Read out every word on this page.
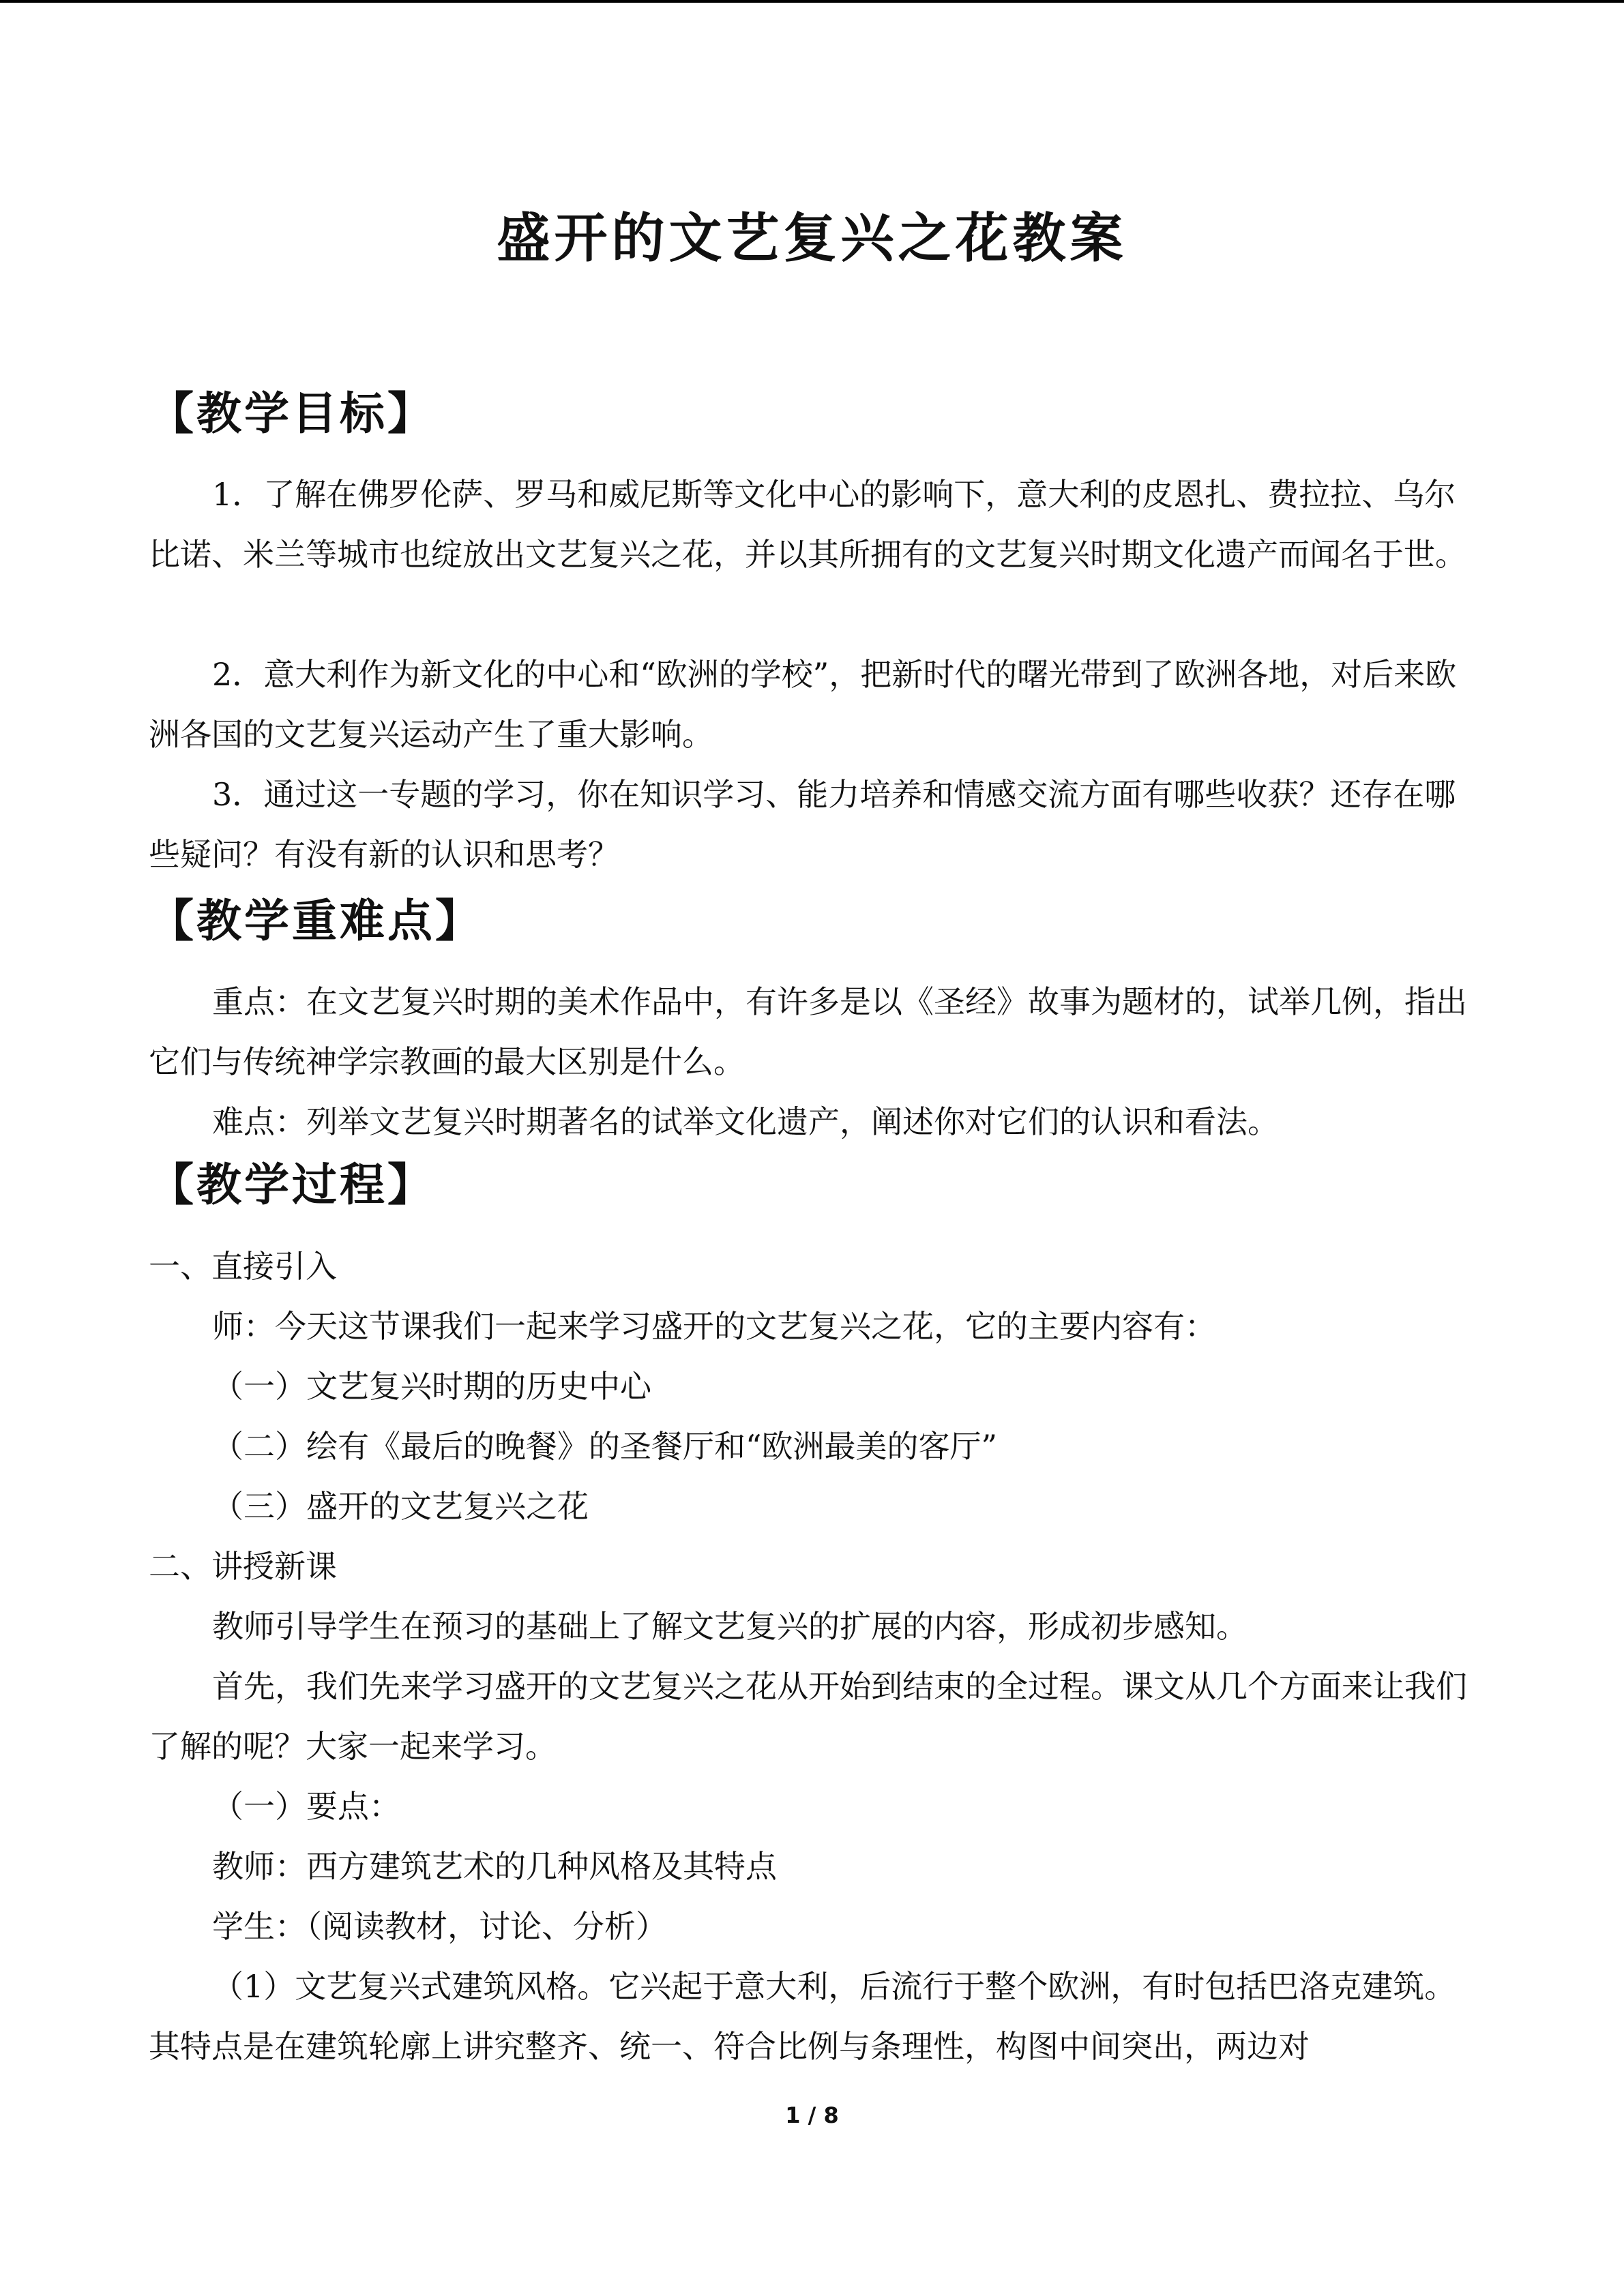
盛开的文艺复兴之花教案
【教学目标】

1．了解在佛罗伦萨、罗马和威尼斯等文化中心的影响下，意大利的皮恩扎、费拉拉、乌尔比诺、米兰等城市也绽放出文艺复兴之花，并以其所拥有的文艺复兴时期文化遗产而闻名于世。

2．意大利作为新文化的中心和“欧洲的学校”，把新时代的曙光带到了欧洲各地，对后来欧洲各国的文艺复兴运动产生了重大影响。

3．通过这一专题的学习，你在知识学习、能力培养和情感交流方面有哪些收获？还存在哪些疑问？有没有新的认识和思考？

【教学重难点】

重点：在文艺复兴时期的美术作品中，有许多是以《圣经》故事为题材的，试举几例，指出它们与传统神学宗教画的最大区别是什么。

难点：列举文艺复兴时期著名的试举文化遗产，阐述你对它们的认识和看法。

【教学过程】

一、直接引入

师：今天这节课我们一起来学习盛开的文艺复兴之花，它的主要内容有：

（一）文艺复兴时期的历史中心

（二）绘有《最后的晚餐》的圣餐厅和“欧洲最美的客厅”

（三）盛开的文艺复兴之花

二、讲授新课

教师引导学生在预习的基础上了解文艺复兴的扩展的内容，形成初步感知。

首先，我们先来学习盛开的文艺复兴之花从开始到结束的全过程。课文从几个方面来让我们了解的呢？大家一起来学习。

（一）要点：

教师：西方建筑艺术的几种风格及其特点

学生：（阅读教材，讨论、分析）

（1）文艺复兴式建筑风格。它兴起于意大利，后流行于整个欧洲，有时包括巴洛克建筑。其特点是在建筑轮廓上讲究整齐、统一、符合比例与条理性，构图中间突出，两边对

1 / 8
